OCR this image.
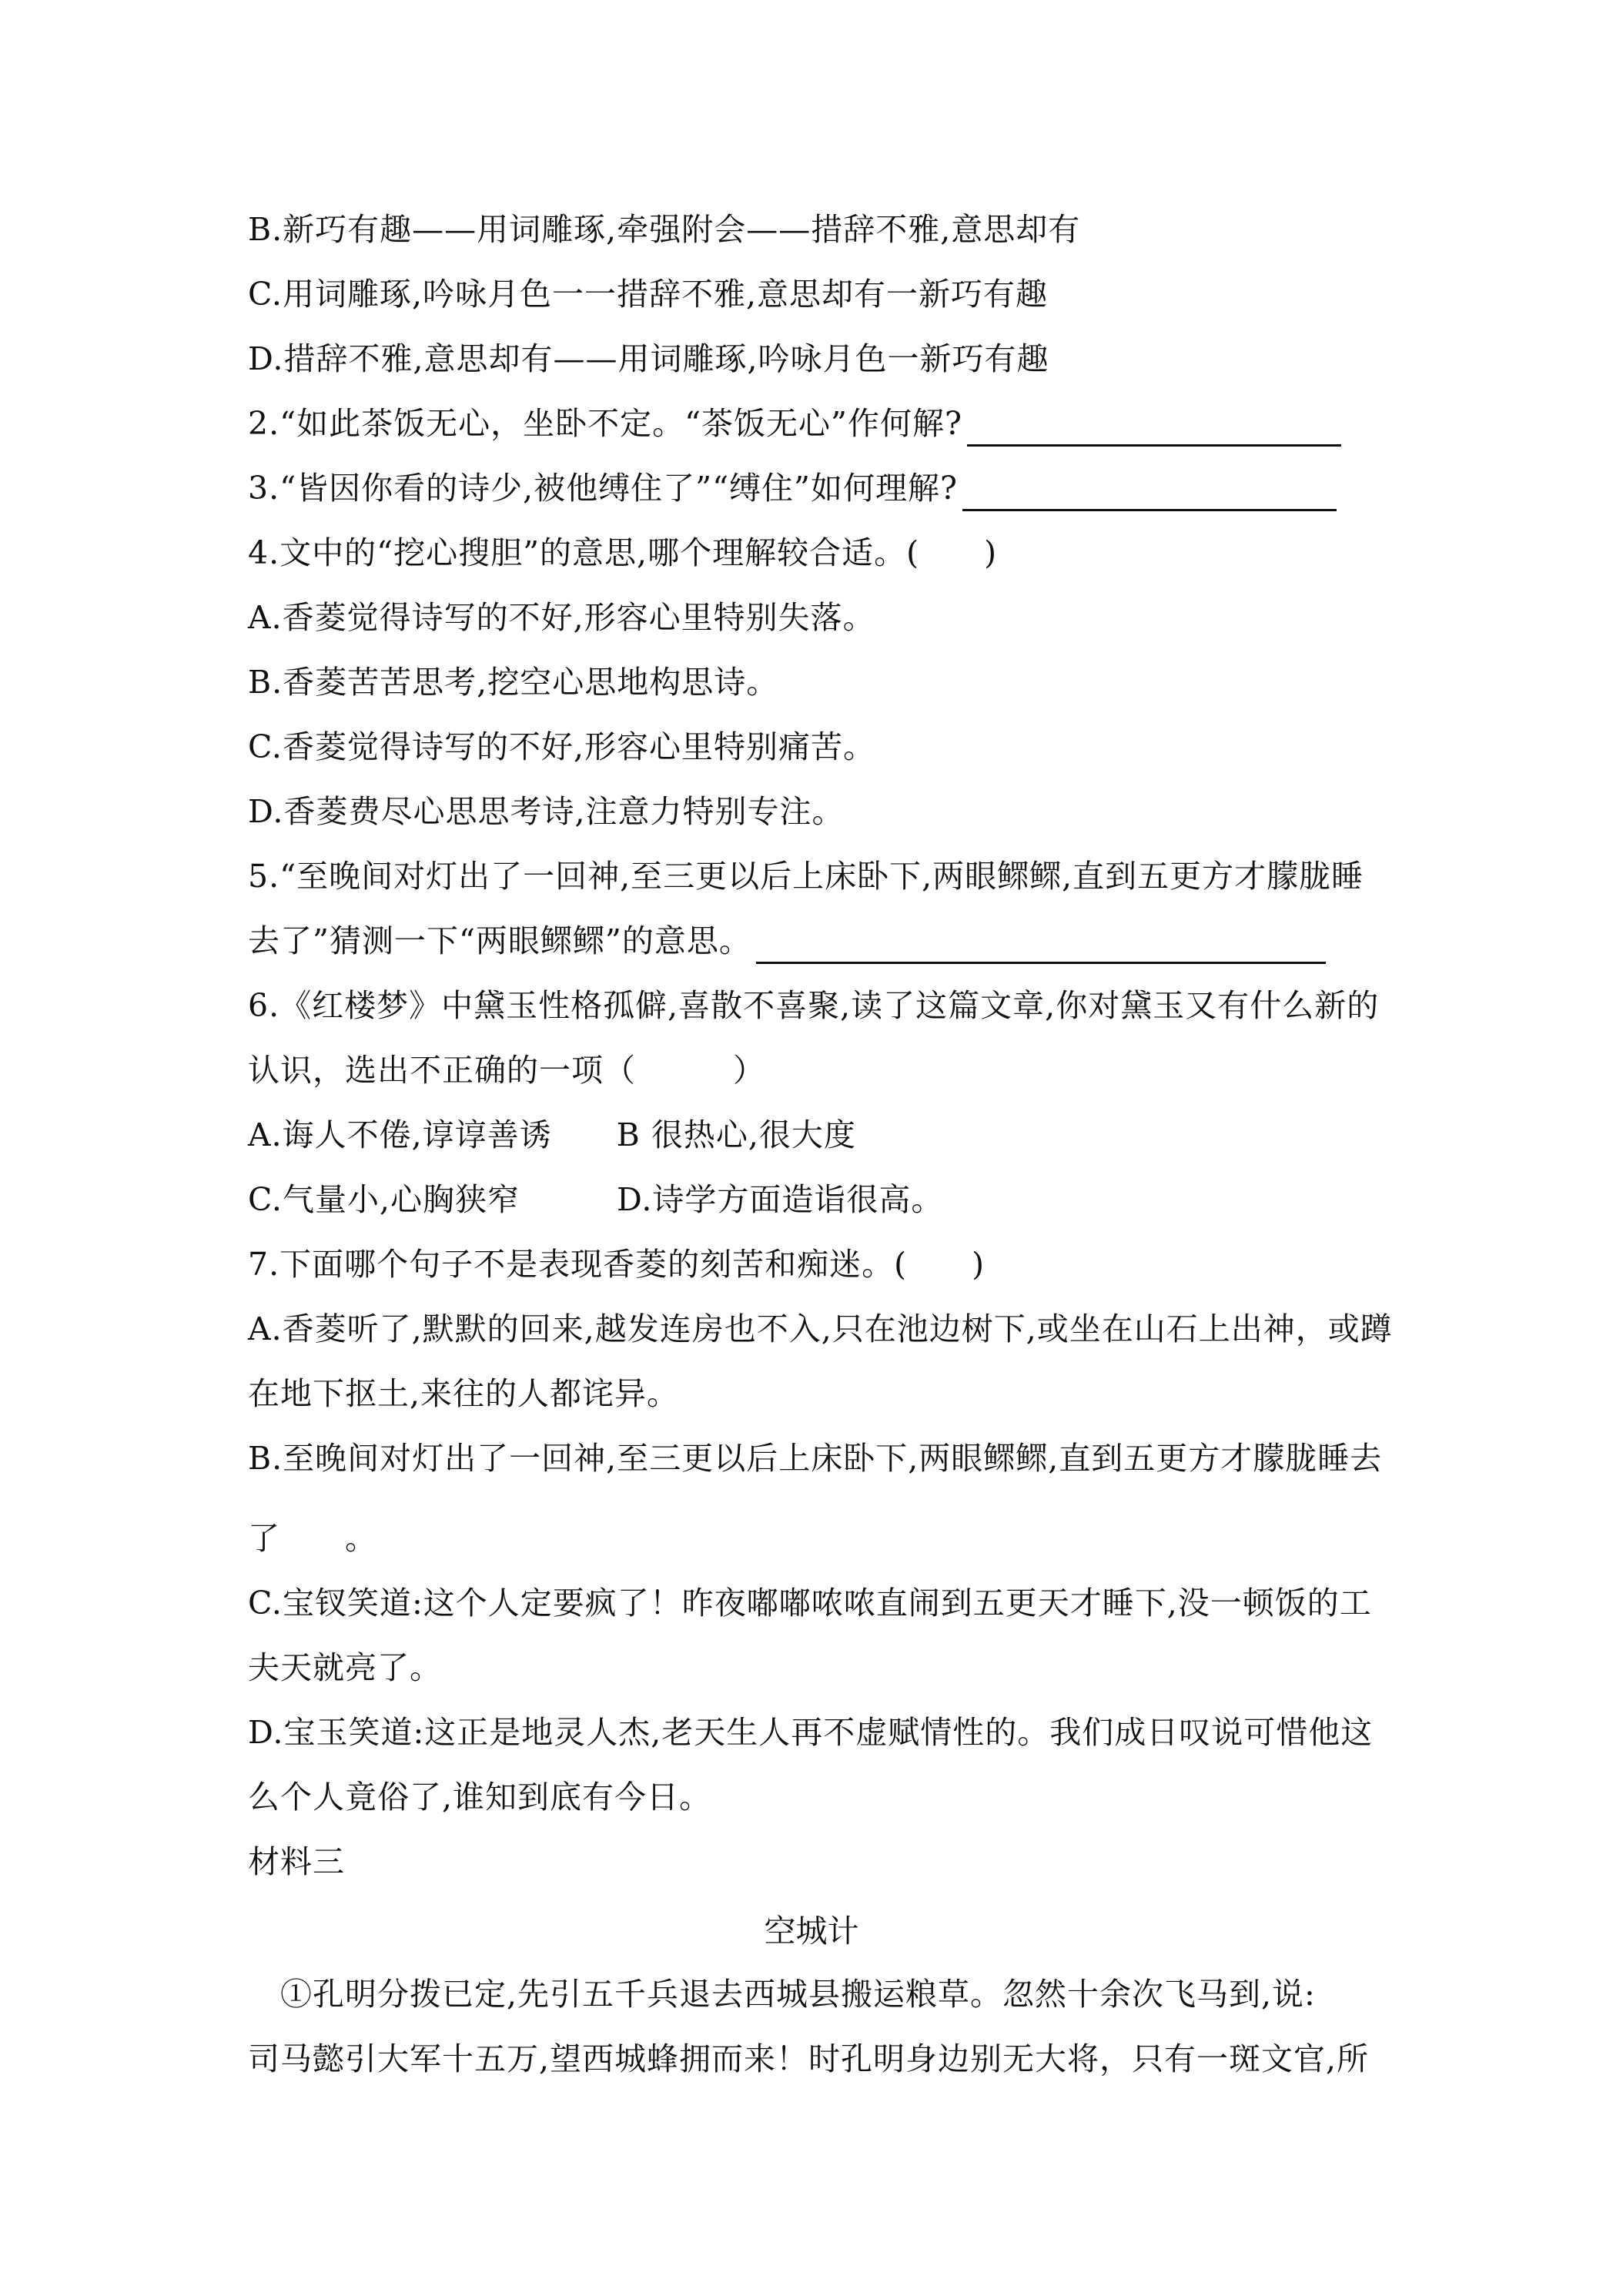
B.新巧有趣——用词雕琢,牵强附会——措辞不雅,意思却有
C.用词雕琢,吟咏月色一一措辞不雅,意思却有一新巧有趣
D.措辞不雅,意思却有——用词雕琢,吟咏月色一新巧有趣
2.“如此茶饭无心，坐卧不定。“茶饭无心”作何解?
3.“皆因你看的诗少,被他缚住了”“缚住”如何理解?
4.文中的“挖心搜胆”的意思,哪个理解较合适。(　　)
A.香菱觉得诗写的不好,形容心里特别失落。
B.香菱苦苦思考,挖空心思地构思诗。
C.香菱觉得诗写的不好,形容心里特别痛苦。
D.香菱费尽心思思考诗,注意力特别专注。
5.“至晚间对灯出了一回神,至三更以后上床卧下,两眼鳏鳏,直到五更方才朦胧睡
去了”猜测一下“两眼鳏鳏”的意思。
6.《红楼梦》中黛玉性格孤僻,喜散不喜聚,读了这篇文章,你对黛玉又有什么新的
认识，选出不正确的一项（　　　）
A.诲人不倦,谆谆善诱　　B 很热心,很大度
C.气量小,心胸狭窄　　　D.诗学方面造诣很高。
7.下面哪个句子不是表现香菱的刻苦和痴迷。(　　)
A.香菱听了,默默的回来,越发连房也不入,只在池边树下,或坐在山石上出神，或蹲
在地下抠土,来往的人都诧异。
B.至晚间对灯出了一回神,至三更以后上床卧下,两眼鳏鳏,直到五更方才朦胧睡去
了　　。
C.宝钗笑道:这个人定要疯了！昨夜嘟嘟哝哝直闹到五更天才睡下,没一顿饭的工
夫天就亮了。
D.宝玉笑道:这正是地灵人杰,老天生人再不虚赋情性的。我们成日叹说可惜他这
么个人竟俗了,谁知到底有今日。
材料三
空城计
　①孔明分拨已定,先引五千兵退去西城县搬运粮草。忽然十余次飞马到,说:
司马懿引大军十五万,望西城蜂拥而来！时孔明身边别无大将，只有一斑文官,所
